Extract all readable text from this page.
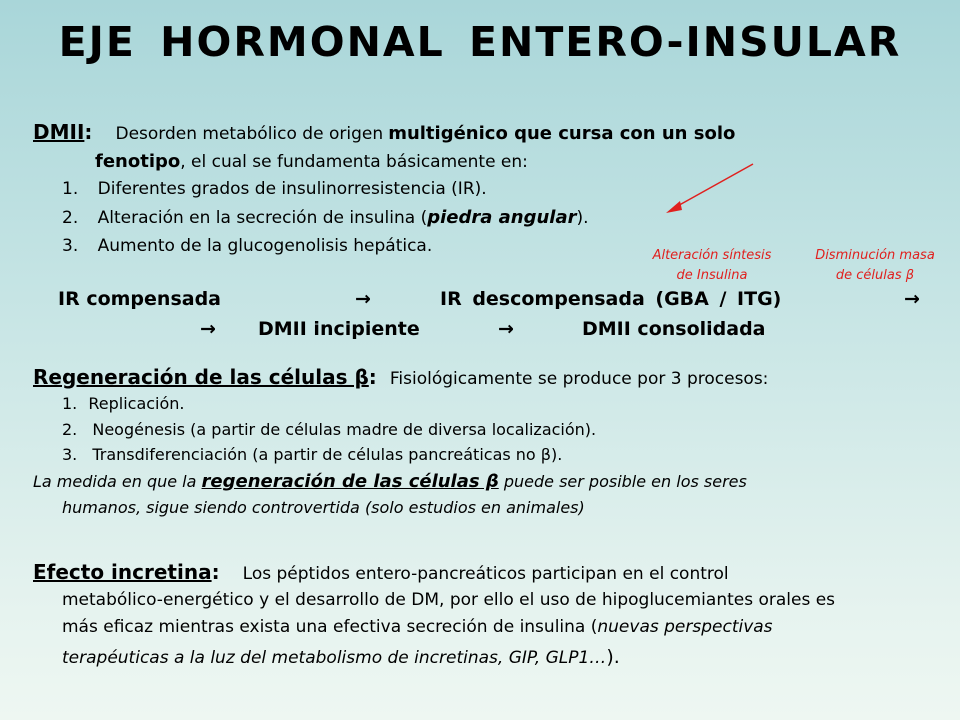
EJE HORMONAL ENTERO-INSULAR
DMII: Desorden metabólico de origen multigénico que cursa con un solo
fenotipo, el cual se fundamenta básicamente en:
1. Diferentes grados de insulinorresistencia (IR).
2. Alteración en la secreción de insulina (piedra angular).
3. Aumento de la glucogenolisis hepática.	Alteración síntesis
de Insulina
Disminución masa
de células β
IR compensada	→	IR descompensada (GBA / ITG)	→
→ DMII incipiente	→	DMII consolidada
Regeneración de las células β: Fisiológicamente se produce por 3 procesos:
1. Replicación.
2. Neogénesis (a partir de células madre de diversa localización).
3. Transdiferenciación (a partir de células pancreáticas no β).
La medida en que la regeneración de las células β puede ser posible en los seres
humanos, sigue siendo controvertida (solo estudios en animales)
Efecto incretina: Los péptidos entero-pancreáticos participan en el control
metabólico-energético y el desarrollo de DM, por ello el uso de hipoglucemiantes orales es
más eficaz mientras exista una efectiva secreción de insulina (nuevas perspectivas
terapéuticas a la luz del metabolismo de incretinas, GIP, GLP1…).
